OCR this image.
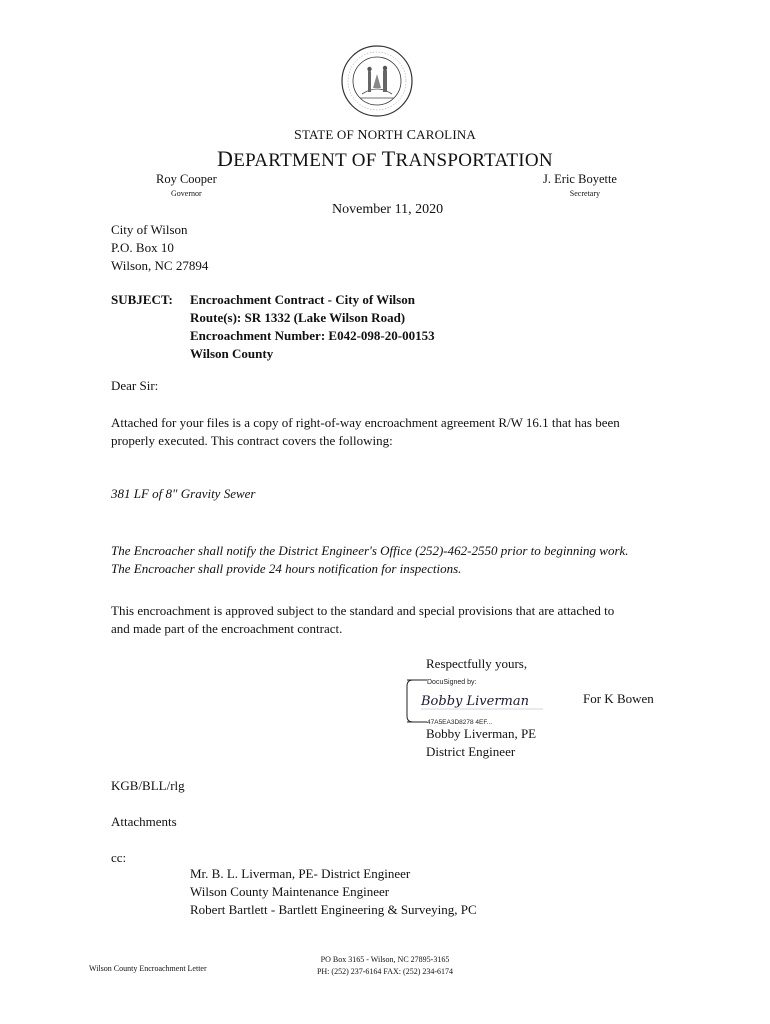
STATE OF NORTH CAROLINA
DEPARTMENT OF TRANSPORTATION
Roy Cooper
Governor
J. Eric Boyette
Secretary
November 11, 2020
City of Wilson
P.O. Box 10
Wilson, NC 27894
SUBJECT: Encroachment Contract - City of Wilson
Route(s): SR 1332 (Lake Wilson Road)
Encroachment Number: E042-098-20-00153
Wilson County
Dear Sir:
Attached for your files is a copy of right-of-way encroachment agreement R/W 16.1 that has been
properly executed. This contract covers the following:
381 LF of 8" Gravity Sewer
The Encroacher shall notify the District Engineer's Office (252)-462-2550 prior to beginning work.
The Encroacher shall provide 24 hours notification for inspections.
This encroachment is approved subject to the standard and special provisions that are attached to
and made part of the encroachment contract.
Respectfully yours,
DocuSigned by:
Bobby Liverman
47A5EA3D8278 4EF...
For K Bowen
Bobby Liverman, PE
District Engineer
KGB/BLL/rlg
Attachments
cc:
Mr. B. L. Liverman, PE- District Engineer
Wilson County Maintenance Engineer
Robert Bartlett - Bartlett Engineering & Surveying, PC
Wilson County Encroachment Letter
PO Box 3165 - Wilson, NC 27895-3165
PH: (252) 237-6164 FAX: (252) 234-6174
